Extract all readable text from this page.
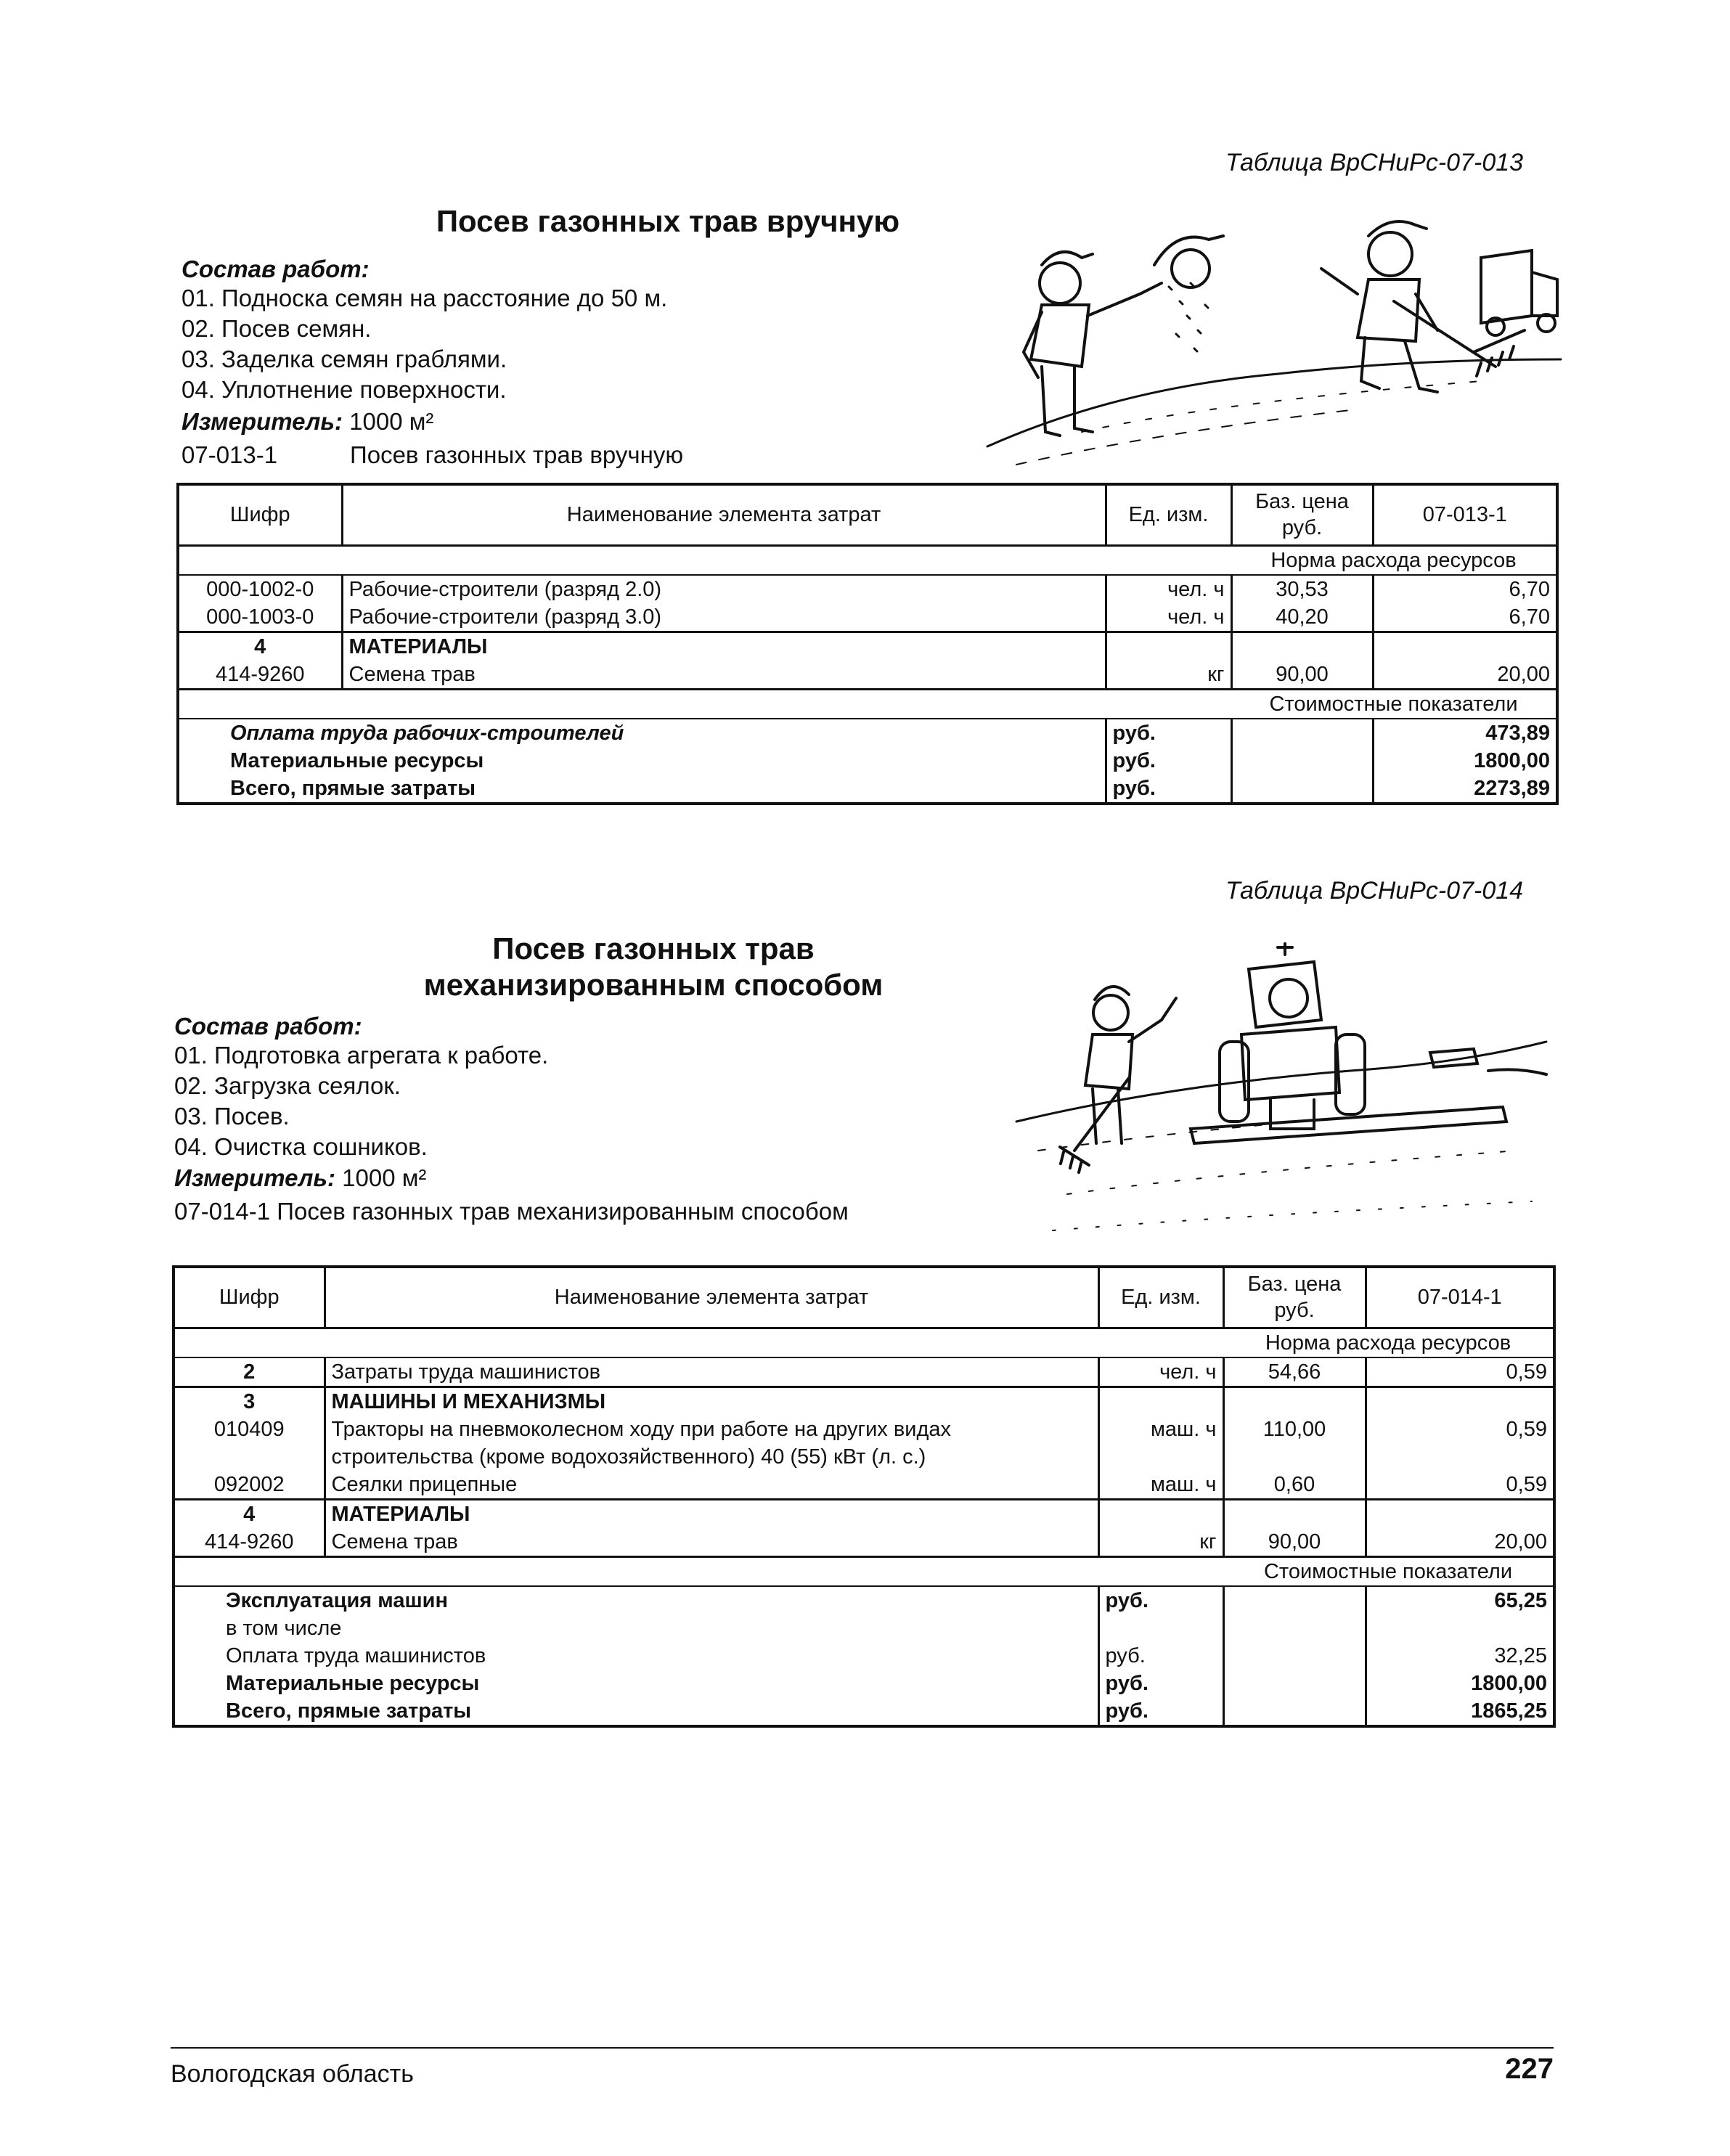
Таблица ВрСНиРс-07-013
Посев газонных трав вручную
Состав работ:
01. Подноска семян на расстояние до 50 м.
02. Посев семян.
03. Заделка семян граблями.
04. Уплотнение поверхности.
Измеритель: 1000 м²
07-013-1	Посев газонных трав вручную
Шифр	Наименование элемента затрат	Ед. изм.	Баз. цена руб.	07-013-1
			Норма расхода ресурсов	
000-1002-0	Рабочие-строители (разряд 2.0)	чел. ч	30,53	6,70
000-1003-0	Рабочие-строители (разряд 3.0)	чел. ч	40,20	6,70
4	МАТЕРИАЛЫ			
414-9260	Семена трав	кг	90,00	20,00
			Стоимостные показатели	
Оплата труда рабочих-строителей		руб.		473,89
Материальные ресурсы		руб.		1800,00
Всего, прямые затраты		руб.		2273,89
Таблица ВрСНиРс-07-014
Посев газонных трав
механизированным способом
Состав работ:
01. Подготовка агрегата к работе.
02. Загрузка сеялок.
03. Посев.
04. Очистка сошников.
Измеритель: 1000 м²
07-014-1 Посев газонных трав механизированным способом
Шифр	Наименование элемента затрат	Ед. изм.	Баз. цена руб.	07-014-1
			Норма расхода ресурсов	
2	Затраты труда машинистов	чел. ч	54,66	0,59
3	МАШИНЫ И МЕХАНИЗМЫ			
010409	Тракторы на пневмоколесном ходу при работе на других видах	маш. ч	110,00	0,59
	строительства (кроме водохозяйственного) 40 (55) кВт (л. с.)			
092002	Сеялки прицепные	маш. ч	0,60	0,59
4	МАТЕРИАЛЫ			
414-9260	Семена трав	кг	90,00	20,00
			Стоимостные показатели	
Эксплуатация машин		руб.		65,25
в том числе				
Оплата труда машинистов		руб.		32,25
Материальные ресурсы		руб.		1800,00
Всего, прямые затраты		руб.		1865,25
Вологодская область	227
